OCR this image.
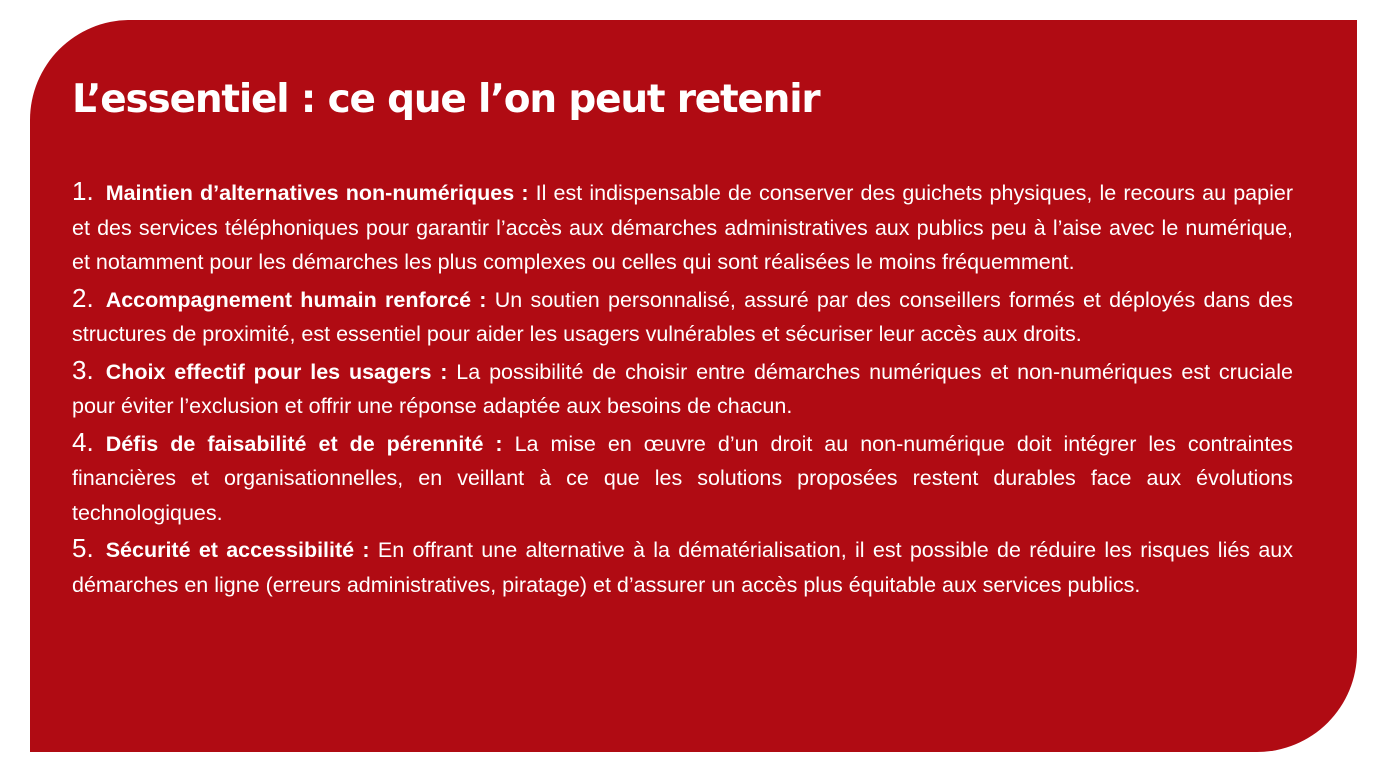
L’essentiel : ce que l’on peut retenir
1. Maintien d’alternatives non-numériques : Il est indispensable de conserver des guichets physiques, le recours au papier et des services téléphoniques pour garantir l’accès aux démarches administratives aux publics peu à l’aise avec le numérique, et notamment pour les démarches les plus complexes ou celles qui sont réalisées le moins fréquemment.
2. Accompagnement humain renforcé : Un soutien personnalisé, assuré par des conseillers formés et déployés dans des structures de proximité, est essentiel pour aider les usagers vulnérables et sécuriser leur accès aux droits.
3. Choix effectif pour les usagers : La possibilité de choisir entre démarches numériques et non-numériques est cruciale pour éviter l’exclusion et offrir une réponse adaptée aux besoins de chacun.
4. Défis de faisabilité et de pérennité : La mise en œuvre d’un droit au non-numérique doit intégrer les contraintes financières et organisationnelles, en veillant à ce que les solutions proposées restent durables face aux évolutions technologiques.
5. Sécurité et accessibilité : En offrant une alternative à la dématérialisation, il est possible de réduire les risques liés aux démarches en ligne (erreurs administratives, piratage) et d’assurer un accès plus équitable aux services publics.
